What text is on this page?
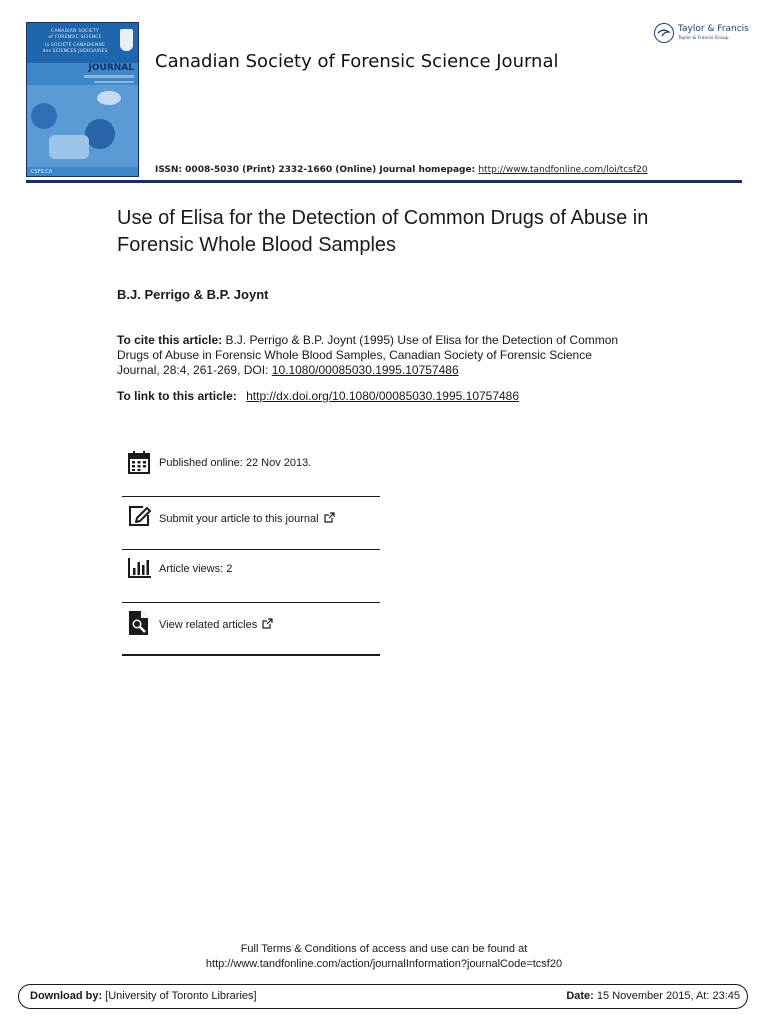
CANADIAN SOCIETY
of FORENSIC SCIENCE
la SOCIÉTÉ CANADIENNE
des SCIENCES JUDICIAIRES
JOURNAL
CSFS.CA
Canadian Society of Forensic Science Journal
Taylor & Francis
Taylor & Francis Group
ISSN: 0008-5030 (Print) 2332-1660 (Online) Journal homepage: http://www.tandfonline.com/loi/tcsf20
Use of Elisa for the Detection of Common Drugs of Abuse in Forensic Whole Blood Samples
B.J. Perrigo & B.P. Joynt
To cite this article: B.J. Perrigo & B.P. Joynt (1995) Use of Elisa for the Detection of Common Drugs of Abuse in Forensic Whole Blood Samples, Canadian Society of Forensic Science Journal, 28:4, 261-269, DOI: 10.1080/00085030.1995.10757486
To link to this article: http://dx.doi.org/10.1080/00085030.1995.10757486
Published online: 22 Nov 2013.
Submit your article to this journal
Article views: 2
View related articles
Full Terms & Conditions of access and use can be found at
http://www.tandfonline.com/action/journalInformation?journalCode=tcsf20
Download by: [University of Toronto Libraries]	Date: 15 November 2015, At: 23:45
